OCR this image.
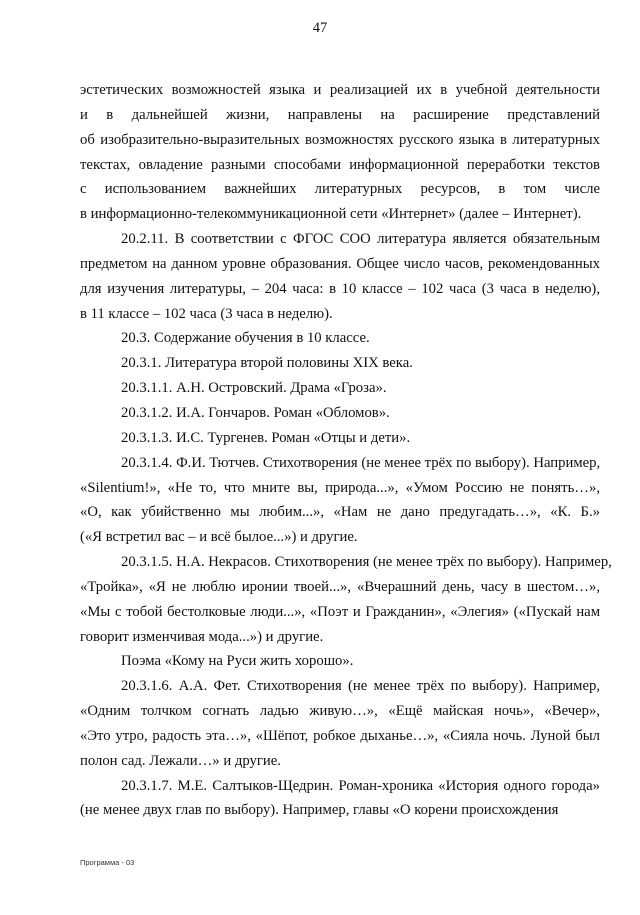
47
эстетических возможностей языка и реализацией их в учебной деятельности
и в дальнейшей жизни, направлены на расширение представлений
об изобразительно-выразительных возможностях русского языка в литературных
текстах, овладение разными способами информационной переработки текстов
с использованием важнейших литературных ресурсов, в том числе
в информационно-телекоммуникационной сети «Интернет» (далее – Интернет).
20.2.11. В соответствии с ФГОС СОО литература является обязательным
предметом на данном уровне образования. Общее число часов, рекомендованных
для изучения литературы, – 204 часа: в 10 классе – 102 часа (3 часа в неделю),
в 11 классе – 102 часа (3 часа в неделю).
20.3. Содержание обучения в 10 классе.
20.3.1. Литература второй половины XIX века.
20.3.1.1. А.Н. Островский. Драма «Гроза».
20.3.1.2. И.А. Гончаров. Роман «Обломов».
20.3.1.3. И.С. Тургенев. Роман «Отцы и дети».
20.3.1.4. Ф.И. Тютчев. Стихотворения (не менее трёх по выбору). Например,
«Silentium!», «Не то, что мните вы, природа...», «Умом Россию не понять…»,
«О, как убийственно мы любим...», «Нам не дано предугадать…», «К. Б.»
(«Я встретил вас – и всё былое...») и другие.
20.3.1.5. Н.А. Некрасов. Стихотворения (не менее трёх по выбору). Например,
«Тройка», «Я не люблю иронии твоей...», «Вчерашний день, часу в шестом…»,
«Мы с тобой бестолковые люди...», «Поэт и Гражданин», «Элегия» («Пускай нам
говорит изменчивая мода...») и другие.
Поэма «Кому на Руси жить хорошо».
20.3.1.6. А.А. Фет. Стихотворения (не менее трёх по выбору). Например,
«Одним толчком согнать ладью живую…», «Ещё майская ночь», «Вечер»,
«Это утро, радость эта…», «Шёпот, робкое дыханье…», «Сияла ночь. Луной был
полон сад. Лежали…» и другие.
20.3.1.7. М.Е. Салтыков-Щедрин. Роман-хроника «История одного города»
(не менее двух глав по выбору). Например, главы «О корени происхождения
Программа - 03
